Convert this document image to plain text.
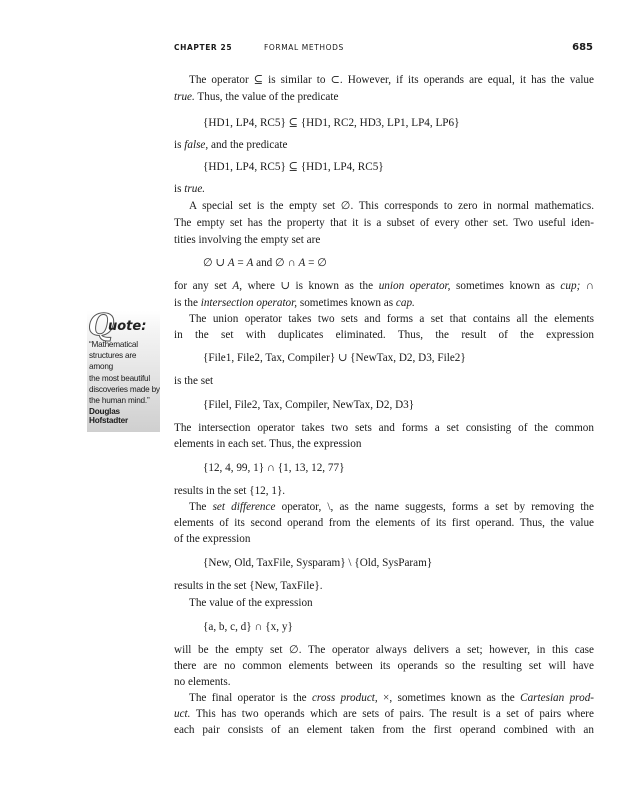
CHAPTER 25	FORMAL METHODS	685
Q
uote:
“Mathematical
structures are among
the most beautiful
discoveries made by
the human mind.”
Douglas Hofstadter
The operator ⊆ is similar to ⊂. However, if its operands are equal, it has the value
true. Thus, the value of the predicate
{HD1, LP4, RC5} ⊆ {HD1, RC2, HD3, LP1, LP4, LP6}
is false, and the predicate
{HD1, LP4, RC5} ⊆ {HD1, LP4, RC5}
is true.
A special set is the empty set ∅. This corresponds to zero in normal mathematics.
The empty set has the property that it is a subset of every other set. Two useful iden-
tities involving the empty set are
∅ ∪ A = A and ∅ ∩ A = ∅
for any set A, where ∪ is known as the union operator, sometimes known as cup; ∩
is the intersection operator, sometimes known as cap.
The union operator takes two sets and forms a set that contains all the elements
in the set with duplicates eliminated. Thus, the result of the expression
{File1, File2, Tax, Compiler} ∪ {NewTax, D2, D3, File2}
is the set
{Filel, File2, Tax, Compiler, NewTax, D2, D3}
The intersection operator takes two sets and forms a set consisting of the common
elements in each set. Thus, the expression
{12, 4, 99, 1} ∩ {1, 13, 12, 77}
results in the set {12, 1}.
The set difference operator, \, as the name suggests, forms a set by removing the
elements of its second operand from the elements of its first operand. Thus, the value
of the expression
{New, Old, TaxFile, Sysparam} \ {Old, SysParam}
results in the set {New, TaxFile}.
The value of the expression
{a, b, c, d} ∩ {x, y}
will be the empty set ∅. The operator always delivers a set; however, in this case
there are no common elements between its operands so the resulting set will have
no elements.
The final operator is the cross product, ×, sometimes known as the Cartesian prod-
uct. This has two operands which are sets of pairs. The result is a set of pairs where
each pair consists of an element taken from the first operand combined with an
